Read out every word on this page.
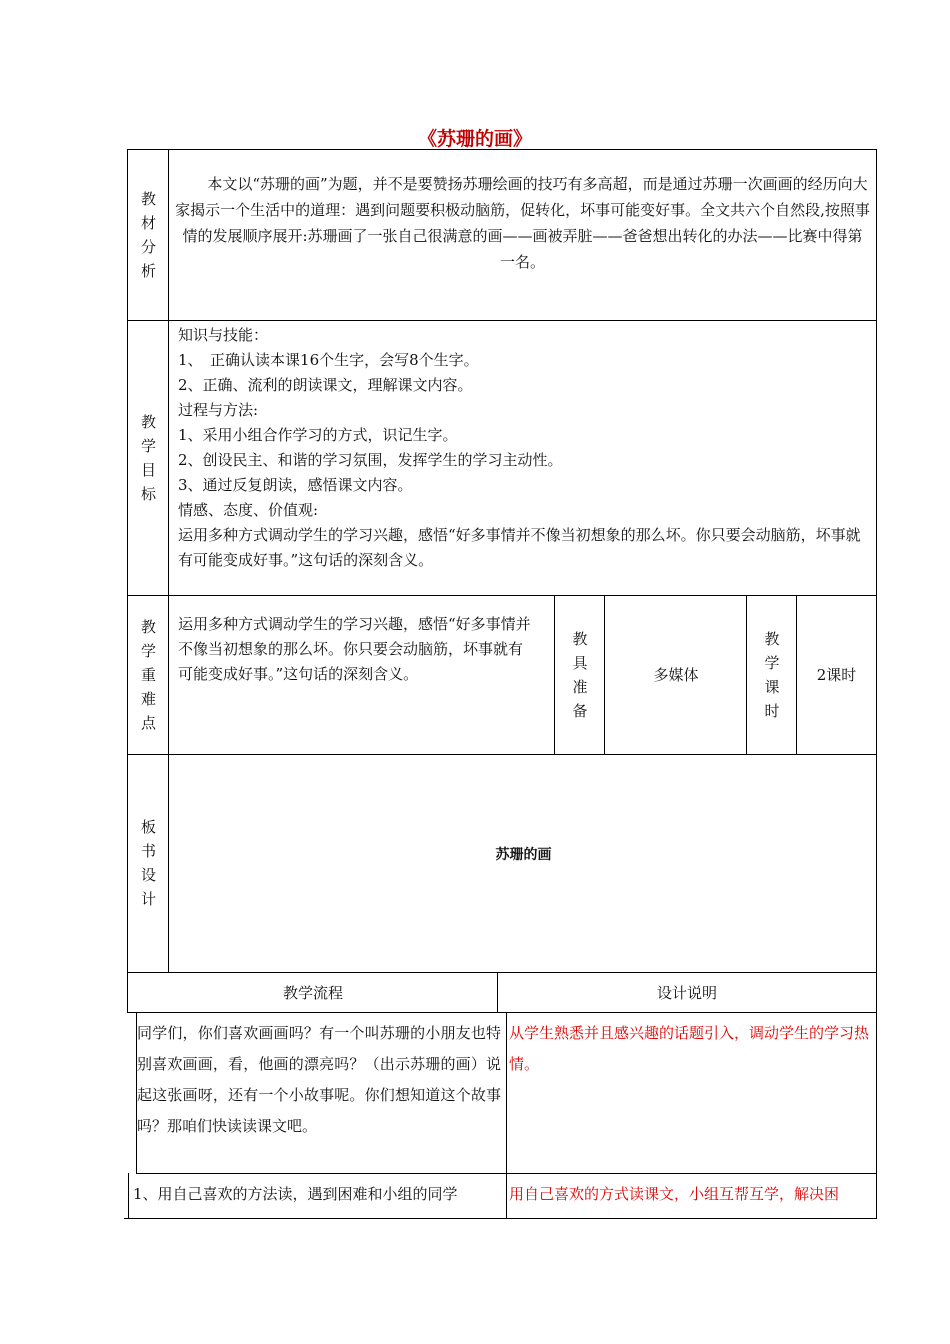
《苏珊的画》
教
材
分
析
本文以“苏珊的画”为题，并不是要赞扬苏珊绘画的技巧有多高超，而是通过苏珊一次画画的经历向大家揭示一个生活中的道理：遇到问题要积极动脑筋，促转化，坏事可能变好事。全文共六个自然段,按照事情的发展顺序展开:苏珊画了一张自己很满意的画——画被弄脏——爸爸想出转化的办法——比赛中得第一名。
教
学
目
标
知识与技能：
1、　正确认读本课16个生字，会写8个生字。
2、正确、流利的朗读课文，理解课文内容。
过程与方法:
1、采用小组合作学习的方式，识记生字。
2、创设民主、和谐的学习氛围，发挥学生的学习主动性。
3、通过反复朗读，感悟课文内容。
情感、态度、价值观:
运用多种方式调动学生的学习兴趣，感悟“好多事情并不像当初想象的那么坏。你只要会动脑筋，坏事就有可能变成好事。”这句话的深刻含义。
教
学
重
难
点
运用多种方式调动学生的学习兴趣，感悟“好多事情并不像当初想象的那么坏。你只要会动脑筋，坏事就有可能变成好事。”这句话的深刻含义。
教
具
准
备
多媒体
教
学
课
时
2课时
板
书
设
计
苏珊的画
教学流程	设计说明
同学们，你们喜欢画画吗？有一个叫苏珊的小朋友也特别喜欢画画，看，他画的漂亮吗？（出示苏珊的画）说起这张画呀，还有一个小故事呢。你们想知道这个故事吗？那咱们快读读课文吧。
从学生熟悉并且感兴趣的话题引入，调动学生的学习热情。
1、用自己喜欢的方法读，遇到困难和小组的同学	用自己喜欢的方式读课文，小组互帮互学，解决困
